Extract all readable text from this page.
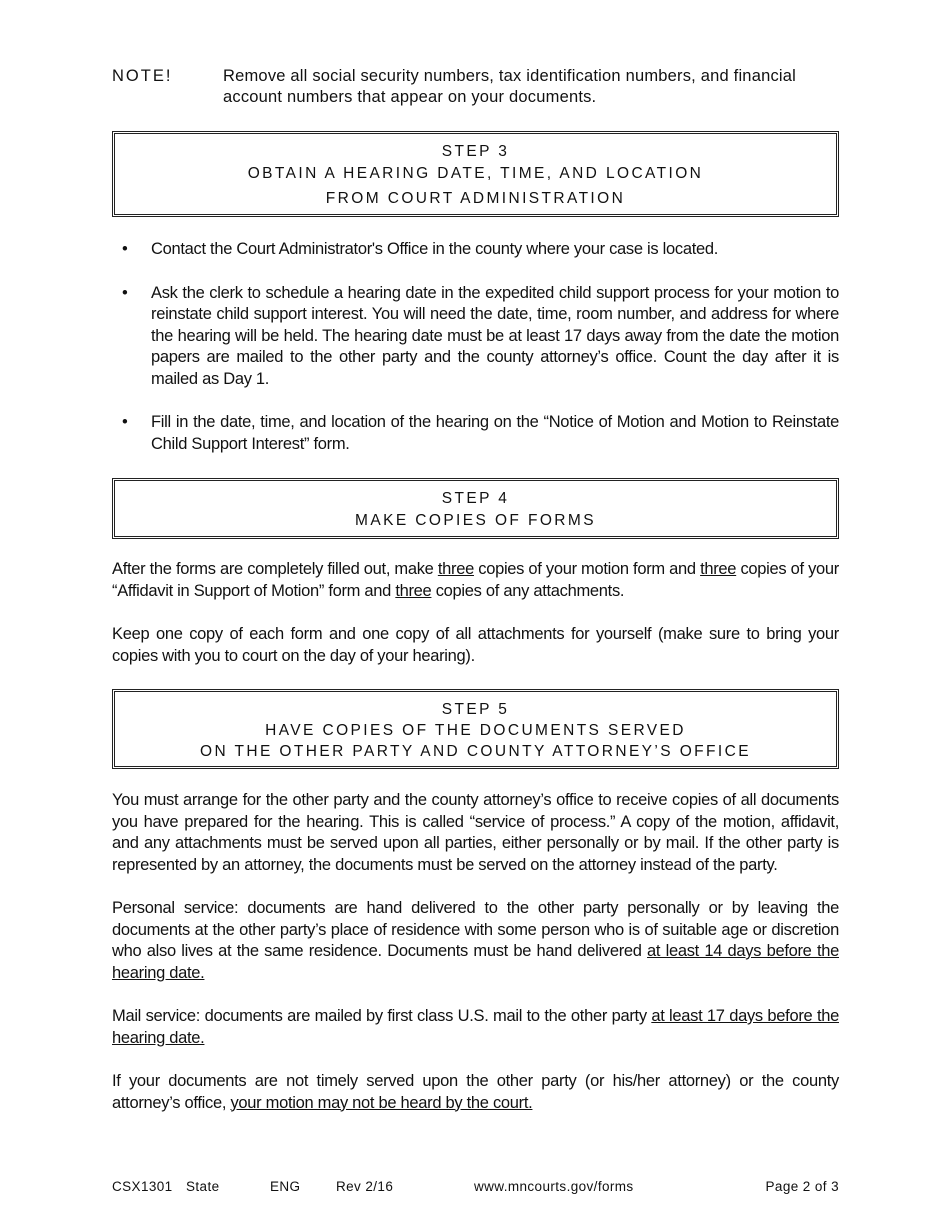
NOTE!	Remove all social security numbers, tax identification numbers, and financial account numbers that appear on your documents.
STEP 3
OBTAIN A HEARING DATE, TIME, AND LOCATION
FROM COURT ADMINISTRATION
• Contact the Court Administrator's Office in the county where your case is located.
• Ask the clerk to schedule a hearing date in the expedited child support process for your motion to reinstate child support interest. You will need the date, time, room number, and address for where the hearing will be held. The hearing date must be at least 17 days away from the date the motion papers are mailed to the other party and the county attorney’s office. Count the day after it is mailed as Day 1.
• Fill in the date, time, and location of the hearing on the “Notice of Motion and Motion to Reinstate Child Support Interest” form.
STEP 4
MAKE COPIES OF FORMS

After the forms are completely filled out, make three copies of your motion form and three copies of your “Affidavit in Support of Motion” form and three copies of any attachments.

Keep one copy of each form and one copy of all attachments for yourself (make sure to bring your copies with you to court on the day of your hearing).

STEP 5
HAVE COPIES OF THE DOCUMENTS SERVED
ON THE OTHER PARTY AND COUNTY ATTORNEY’S OFFICE

You must arrange for the other party and the county attorney’s office to receive copies of all documents you have prepared for the hearing. This is called “service of process.” A copy of the motion, affidavit, and any attachments must be served upon all parties, either personally or by mail. If the other party is represented by an attorney, the documents must be served on the attorney instead of the party.

Personal service: documents are hand delivered to the other party personally or by leaving the documents at the other party’s place of residence with some person who is of suitable age or discretion who also lives at the same residence. Documents must be hand delivered at least 14 days before the hearing date.

Mail service: documents are mailed by first class U.S. mail to the other party at least 17 days before the hearing date.

If your documents are not timely served upon the other party (or his/her attorney) or the county attorney’s office, your motion may not be heard by the court.

CSX1301 State	ENG	Rev 2/16	www.mncourts.gov/forms	Page 2 of 3
